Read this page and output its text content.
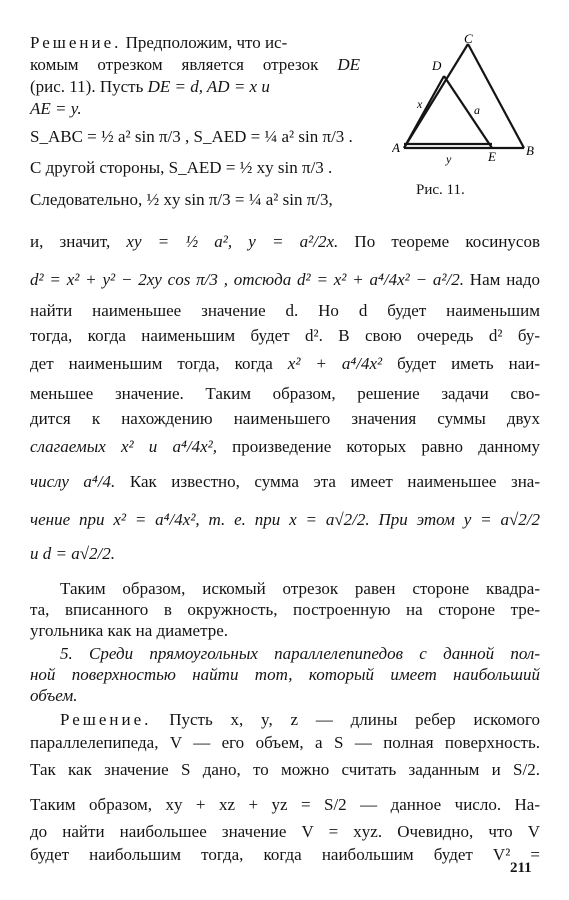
C
D
x	a
A
y	E B
Рис. 11.
Решение. Предположим, что ис-
комым отрезком является отрезок DE
(рис. 11). Пусть DE = d, AD = x и
AE = y.
S_ABC = ½ a² sin π/3 , S_AED = ¼ a² sin π/3 .
С другой стороны, S_AED = ½ xy sin π/3 .
Следовательно, ½ xy sin π/3 = ¼ a² sin π/3,
и, значит, xy = ½ a², y = a²/2x. По теореме косинусов
d² = x² + y² − 2xy cos π/3 , отсюда d² = x² + a⁴/4x² − a²/2. Нам надо
найти наименьшее значение d. Но d будет наименьшим
тогда, когда наименьшим будет d². В свою очередь d² бу-
дет наименьшим тогда, когда x² + a⁴/4x² будет иметь наи-
меньшее значение. Таким образом, решение задачи сво-
дится к нахождению наименьшего значения суммы двух
слагаемых x² и a⁴/4x², произведение которых равно данному
числу a⁴/4. Как известно, сумма эта имеет наименьшее зна-
чение при x² = a⁴/4x², т. е. при x = a√2/2. При этом y = a√2/2
и d = a√2/2.
Таким образом, искомый отрезок равен стороне квадра-
та, вписанного в окружность, построенную на стороне тре-
угольника как на диаметре.
5. Среди прямоугольных параллелепипедов с данной пол-
ной поверхностью найти тот, который имеет наибольший
объем.
Решение. Пусть x, y, z — длины ребер искомого
параллелепипеда, V — его объем, а S — полная поверхность.
Так как значение S дано, то можно считать заданным и S/2.
Таким образом, xy + xz + yz = S/2 — данное число. На-
до найти наибольшее значение V = xyz. Очевидно, что V
будет наибольшим тогда, когда наибольшим будет V² =
211
